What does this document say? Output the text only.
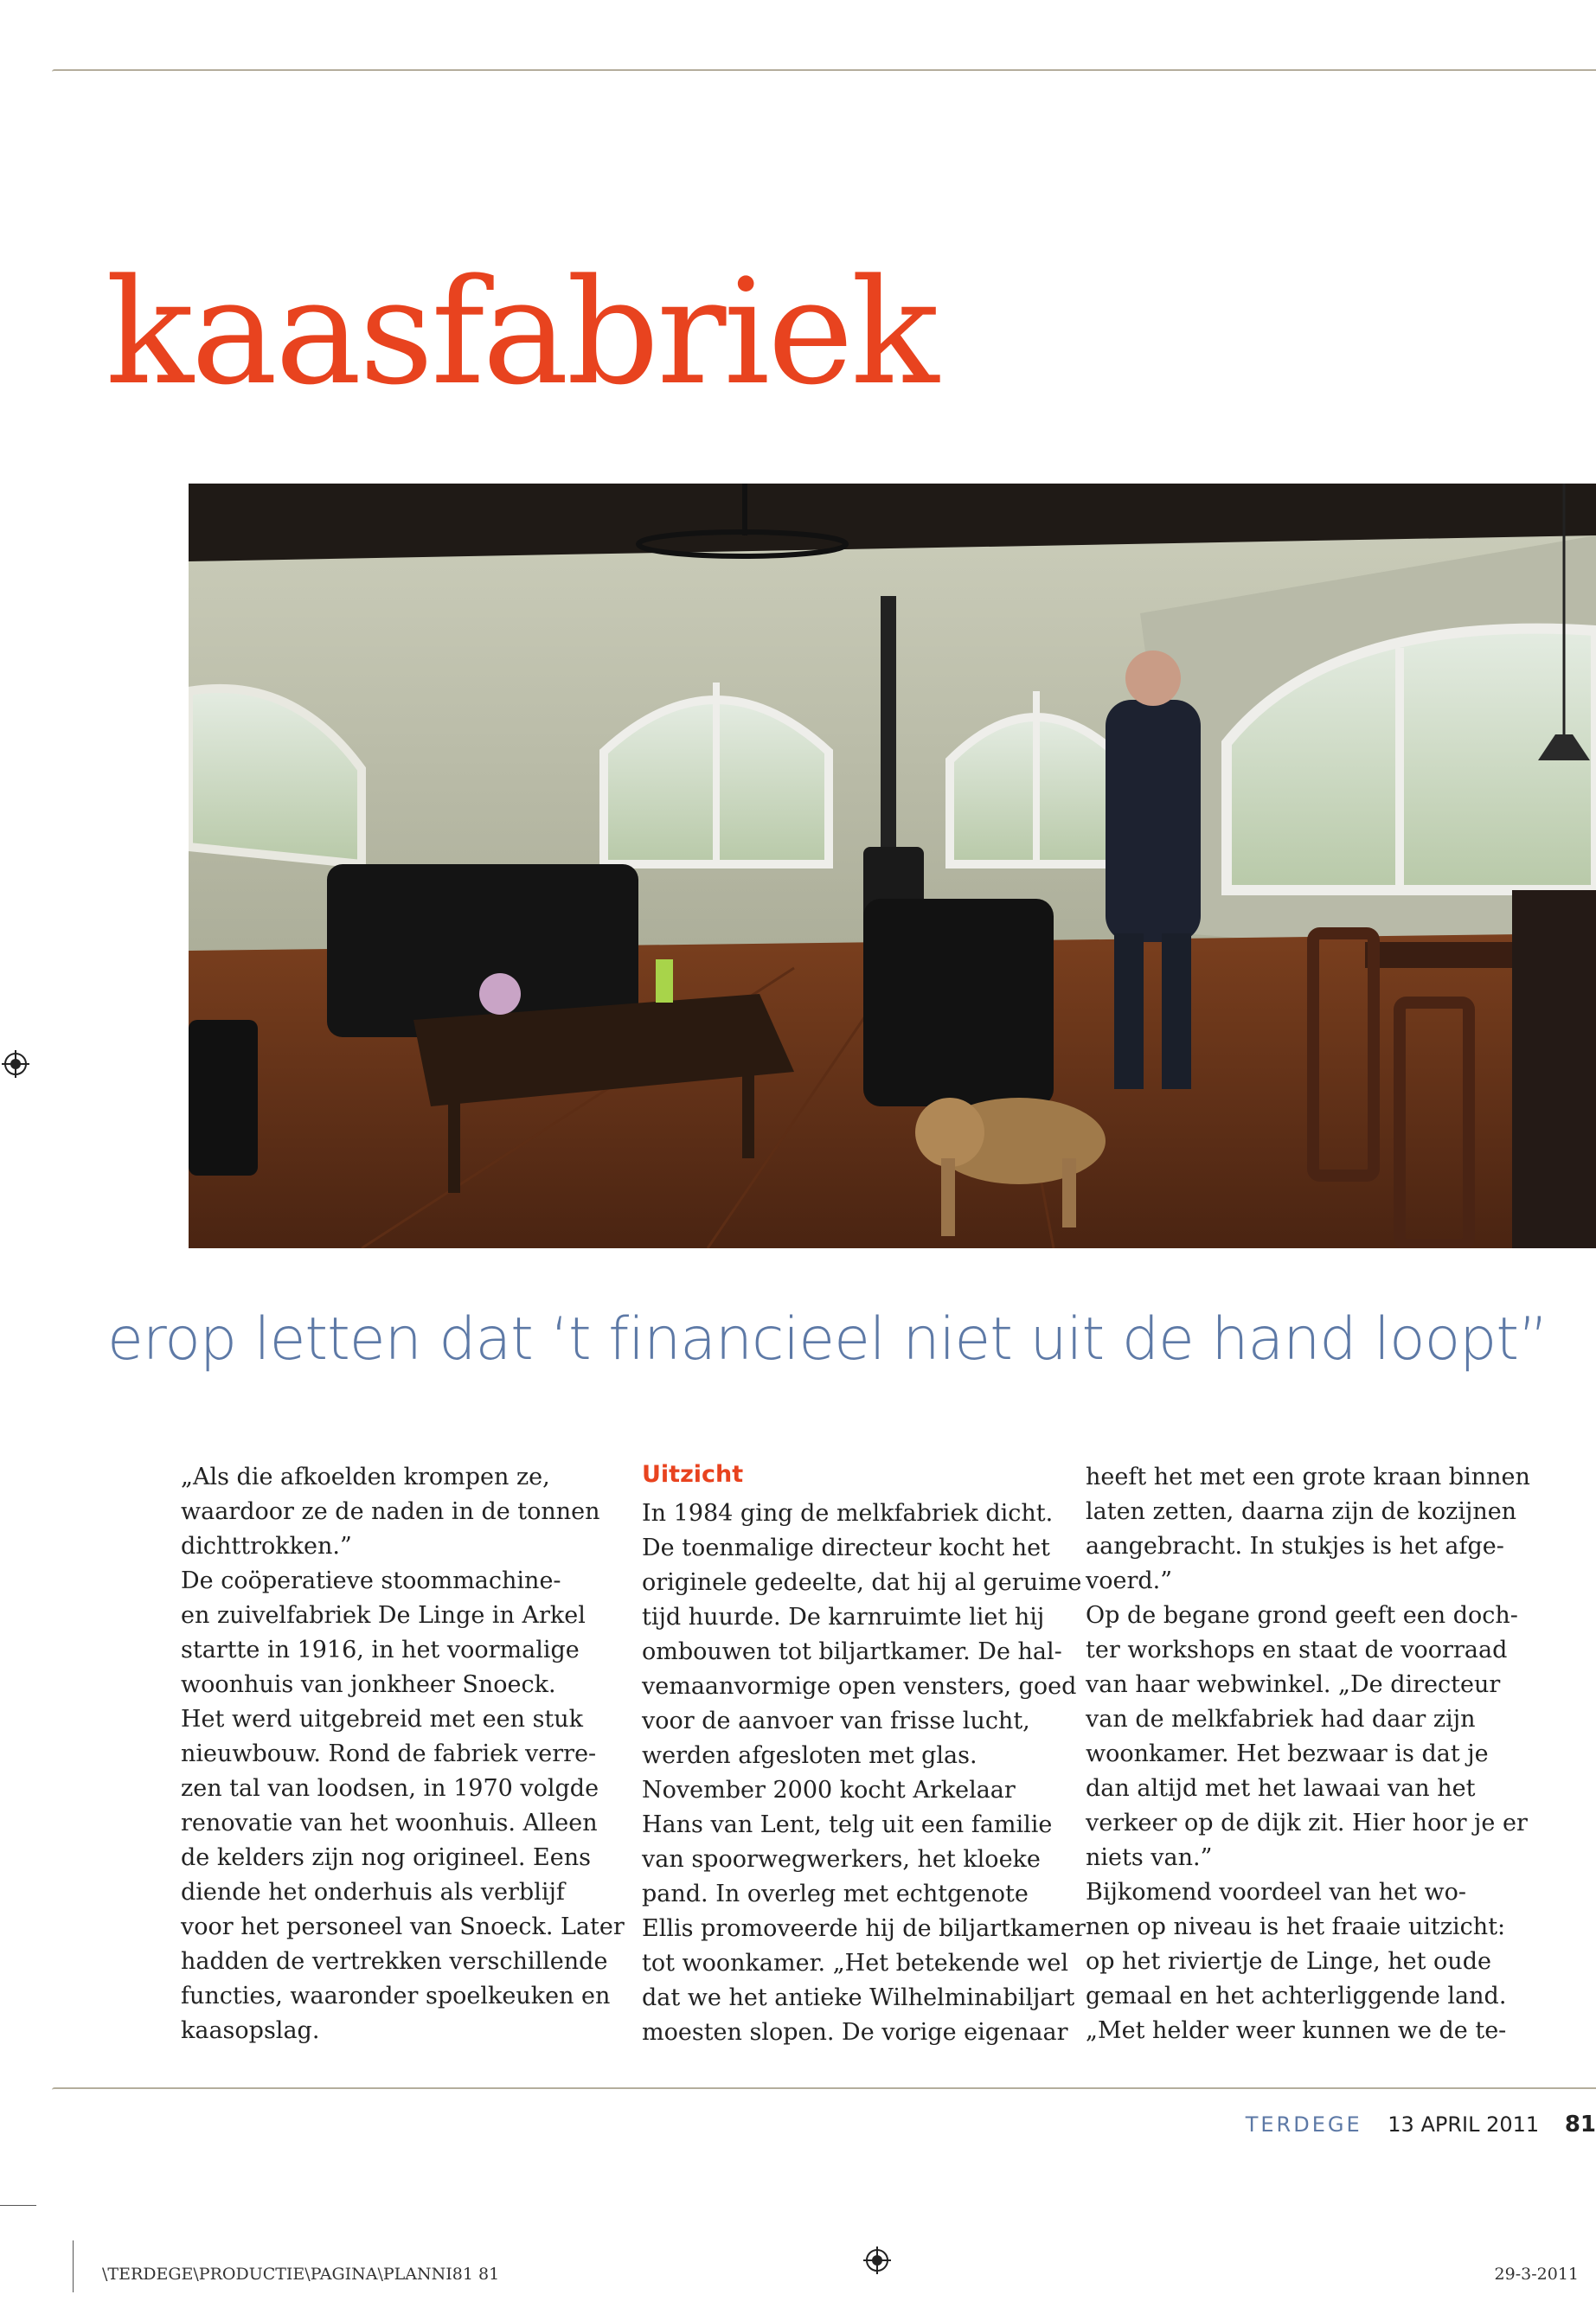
kaasfabriek

erop letten dat ‘t financieel niet uit de hand loopt”

„Als die afkoelden krompen ze,

waardoor ze de naden in de tonnen

dichttrokken.”

De coöperatieve stoommachine-

en zuivelfabriek De Linge in Arkel

startte in 1916, in het voormalige

woonhuis van jonkheer Snoeck.

Het werd uitgebreid met een stuk

nieuwbouw. Rond de fabriek verre-

zen tal van loodsen, in 1970 volgde

renovatie van het woonhuis. Alleen

de kelders zijn nog origineel. Eens

diende het onderhuis als verblijf

voor het personeel van Snoeck. Later

hadden de vertrekken verschillende

functies, waaronder spoelkeuken en

kaasopslag.

Uitzicht

In 1984 ging de melkfabriek dicht.

De toenmalige directeur kocht het

originele gedeelte, dat hij al geruime

tijd huurde. De karnruimte liet hij

ombouwen tot biljartkamer. De hal-

vemaanvormige open vensters, goed

voor de aanvoer van frisse lucht,

werden afgesloten met glas.

November 2000 kocht Arkelaar

Hans van Lent, telg uit een familie

van spoorwegwerkers, het kloeke

pand. In overleg met echtgenote

Ellis promoveerde hij de biljartkamer

tot woonkamer. „Het betekende wel

dat we het antieke Wilhelminabiljart

moesten slopen. De vorige eigenaar

heeft het met een grote kraan binnen

laten zetten, daarna zijn de kozijnen

aangebracht. In stukjes is het afge-

voerd.”

Op de begane grond geeft een doch-

ter workshops en staat de voorraad

van haar webwinkel. „De directeur

van de melkfabriek had daar zijn

woonkamer. Het bezwaar is dat je

dan altijd met het lawaai van het

verkeer op de dijk zit. Hier hoor je er

niets van.”

Bijkomend voordeel van het wo-

nen op niveau is het fraaie uitzicht:

op het riviertje de Linge, het oude

gemaal en het achterliggende land.

„Met helder weer kunnen we de te-

TERDEGE 13 APRIL 2011 81
\TERDEGE\PRODUCTIE\PAGINA\PLANNI81 81	29-3-2011
